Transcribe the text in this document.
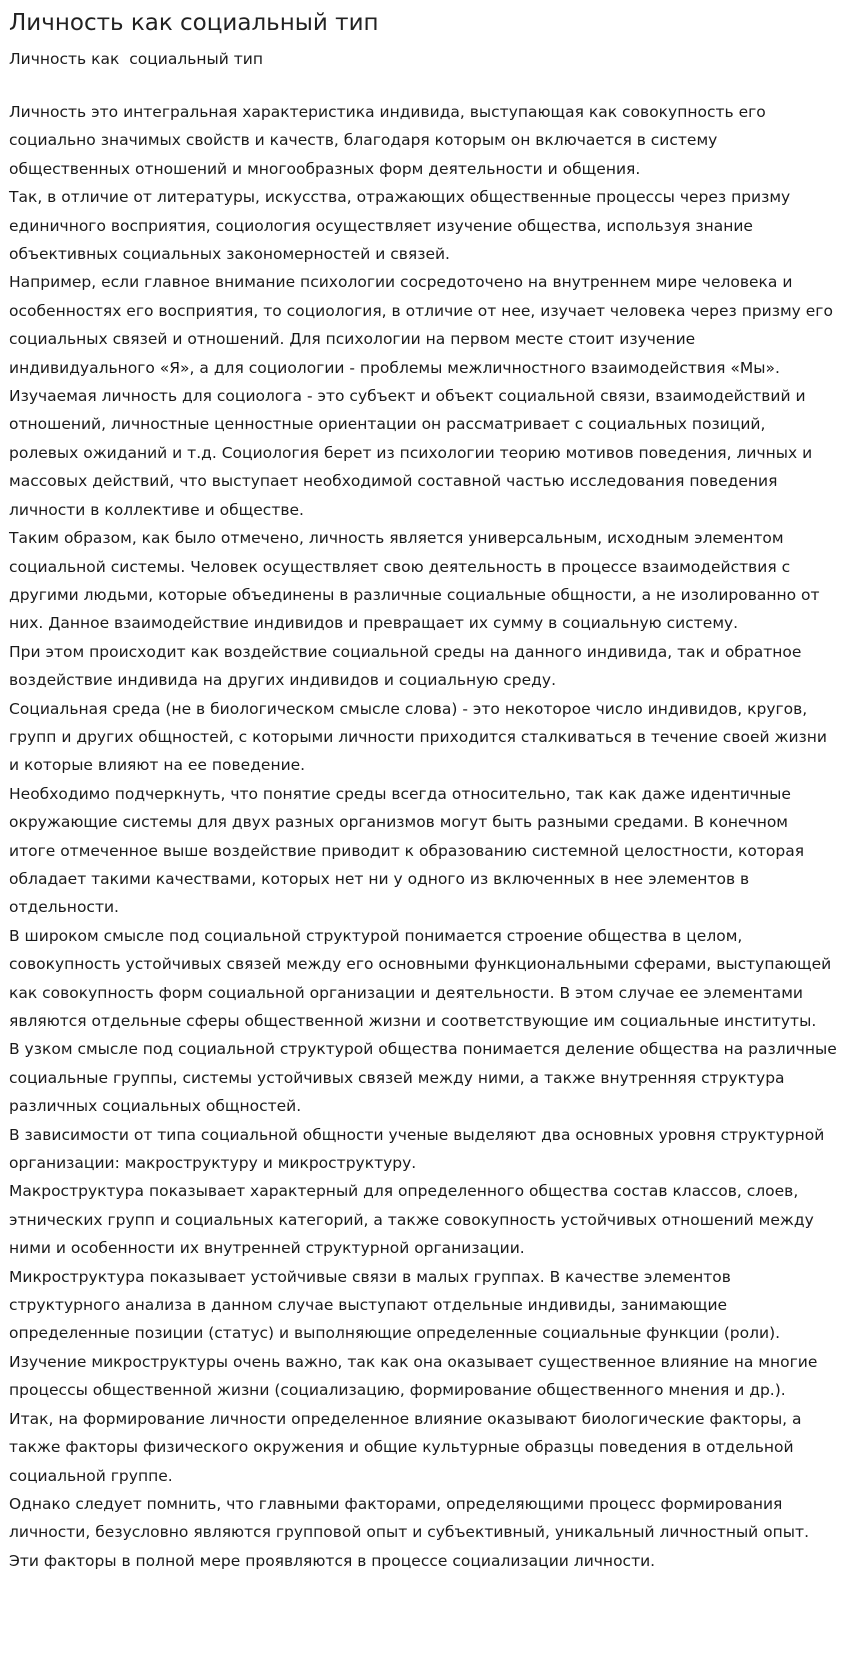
Личность как социальный тип
Личность как  социальный тип

Личность это интегральная характеристика индивида, выступающая как совокупность его социально значимых свойств и качеств, благодаря которым он включается в систему общественных отношений и многообразных форм деятельности и общения.

Так, в отличие от литературы, искусства, отражающих общественные процессы через призму единичного восприятия, социология осуществляет изучение общества, используя знание объективных социальных закономерностей и связей.

Например, если главное внимание психологии сосредоточено на внутреннем мире человека и особенностях его восприятия, то социология, в отличие от нее, изучает человека через призму его социальных связей и отношений. Для психологии на первом месте стоит изучение индивидуального «Я», а для социологии - проблемы межличностного взаимодействия «Мы».

Изучаемая личность для социолога - это субъект и объект социальной связи, взаимодействий и отношений, личностные ценностные ориентации он рассматривает с социальных позиций, ролевых ожиданий и т.д. Социология берет из психологии теорию мотивов поведения, личных и массовых действий, что выступает необходимой составной частью исследования поведения личности в коллективе и обществе.

Таким образом, как было отмечено, личность является универсальным, исходным элементом социальной системы. Человек осуществляет свою деятельность в процессе взаимодействия с другими людьми, которые объединены в различные социальные общности, а не изолированно от них. Данное взаимодействие индивидов и превращает их сумму в социальную систему.

При этом происходит как воздействие социальной среды на данного индивида, так и обратное воздействие индивида на других индивидов и социальную среду.

Социальная среда (не в биологическом смысле слова) - это некоторое число индивидов, кругов, групп и других общностей, с которыми личности приходится сталкиваться в течение своей жизни и которые влияют на ее поведение.

Необходимо подчеркнуть, что понятие среды всегда относительно, так как даже идентичные окружающие системы для двух разных организмов могут быть разными средами. В конечном итоге отмеченное выше воздействие приводит к образованию системной целостности, которая обладает такими качествами, которых нет ни у одного из включенных в нее элементов в отдельности.

В широком смысле под социальной структурой понимается строение общества в целом, совокупность устойчивых связей между его основными функциональными сферами, выступающей как совокупность форм социальной организации и деятельности. В этом случае ее элементами являются отдельные сферы общественной жизни и соответствующие им социальные институты.

В узком смысле под социальной структурой общества понимается деление общества на различные социальные группы, системы устойчивых связей между ними, а также внутренняя структура различных социальных общностей.

В зависимости от типа социальной общности ученые выделяют два основных уровня структурной организации: макроструктуру и микроструктуру.

Макроструктура показывает характерный для определенного общества состав классов, слоев, этнических групп и социальных категорий, а также совокупность устойчивых отношений между ними и особенности их внутренней структурной организации.

Микроструктура показывает устойчивые связи в малых группах. В качестве элементов структурного анализа в данном случае выступают отдельные индивиды, занимающие определенные позиции (статус) и выполняющие определенные социальные функции (роли).

Изучение микроструктуры очень важно, так как она оказывает существенное влияние на многие процессы общественной жизни (социализацию, формирование общественного мнения и др.).

Итак, на формирование личности определенное влияние оказывают биологические факторы, а также факторы физического окружения и общие культурные образцы поведения в отдельной социальной группе.

Однако следует помнить, что главными факторами, определяющими процесс формирования личности, безусловно являются групповой опыт и субъективный, уникальный личностный опыт. Эти факторы в полной мере проявляются в процессе социализации личности.
